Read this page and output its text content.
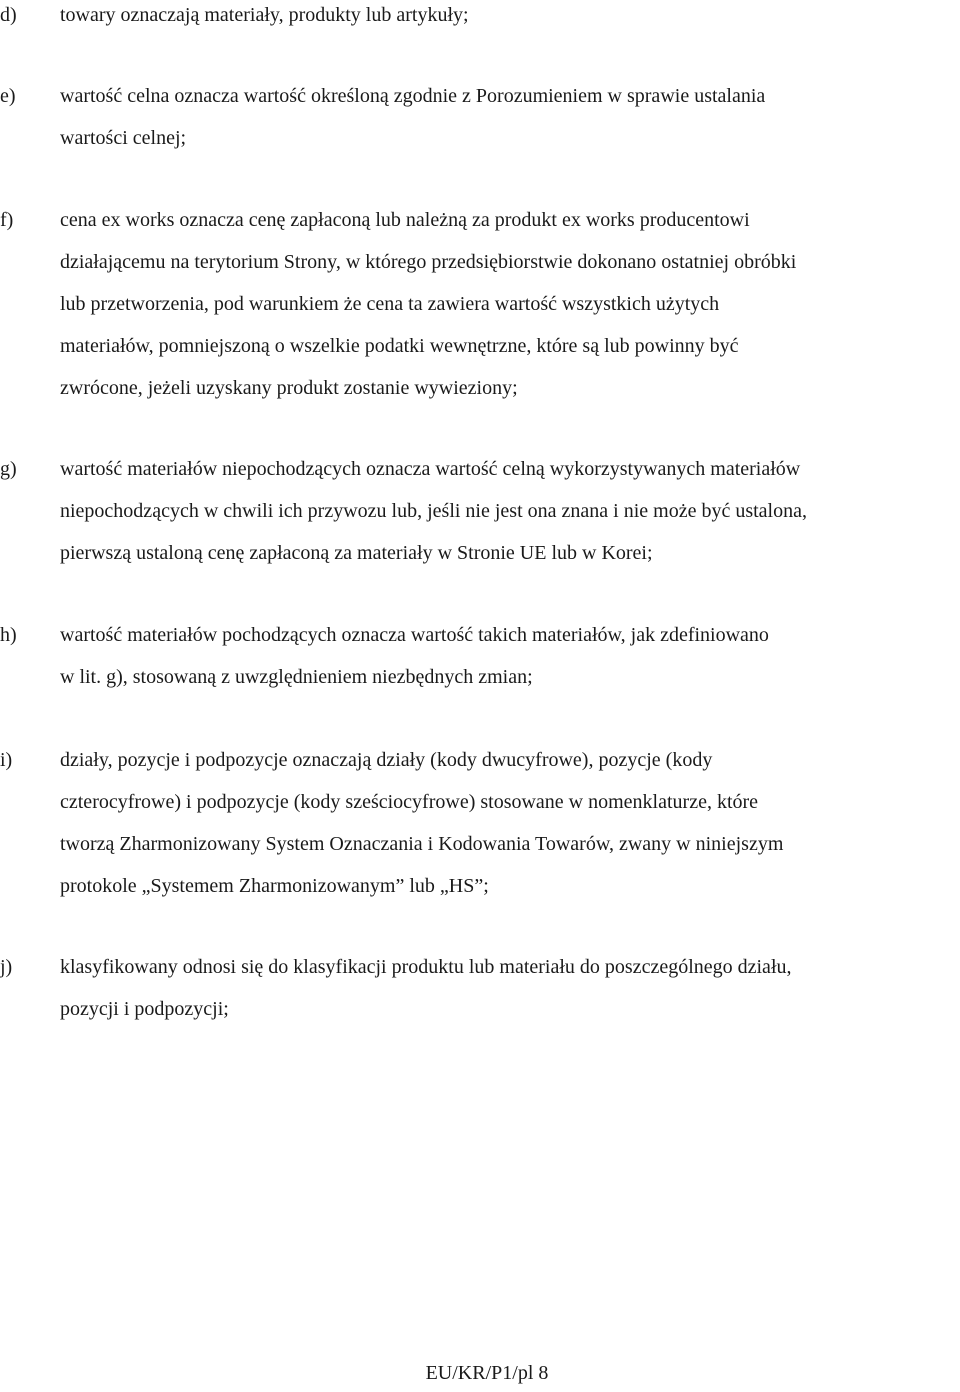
d)	towary oznaczają materiały, produkty lub artykuły;
e)	wartość celna oznacza wartość określoną zgodnie z Porozumieniem w sprawie ustalania
wartości celnej;
f)	cena ex works oznacza cenę zapłaconą lub należną za produkt ex works producentowi
działającemu na terytorium Strony, w którego przedsiębiorstwie dokonano ostatniej obróbki
lub przetworzenia, pod warunkiem że cena ta zawiera wartość wszystkich użytych
materiałów, pomniejszoną o wszelkie podatki wewnętrzne, które są lub powinny być
zwrócone, jeżeli uzyskany produkt zostanie wywieziony;
g)	wartość materiałów niepochodzących oznacza wartość celną wykorzystywanych materiałów
niepochodzących w chwili ich przywozu lub, jeśli nie jest ona znana i nie może być ustalona,
pierwszą ustaloną cenę zapłaconą za materiały w Stronie UE lub w Korei;
h)	wartość materiałów pochodzących oznacza wartość takich materiałów, jak zdefiniowano
w lit. g), stosowaną z uwzględnieniem niezbędnych zmian;
i)	działy, pozycje i podpozycje oznaczają działy (kody dwucyfrowe), pozycje (kody
czterocyfrowe) i podpozycje (kody sześciocyfrowe) stosowane w nomenklaturze, które
tworzą Zharmonizowany System Oznaczania i Kodowania Towarów, zwany w niniejszym
protokole „Systemem Zharmonizowanym” lub „HS”;
j)	klasyfikowany odnosi się do klasyfikacji produktu lub materiału do poszczególnego działu,
pozycji i podpozycji;
EU/KR/P1/pl 8
